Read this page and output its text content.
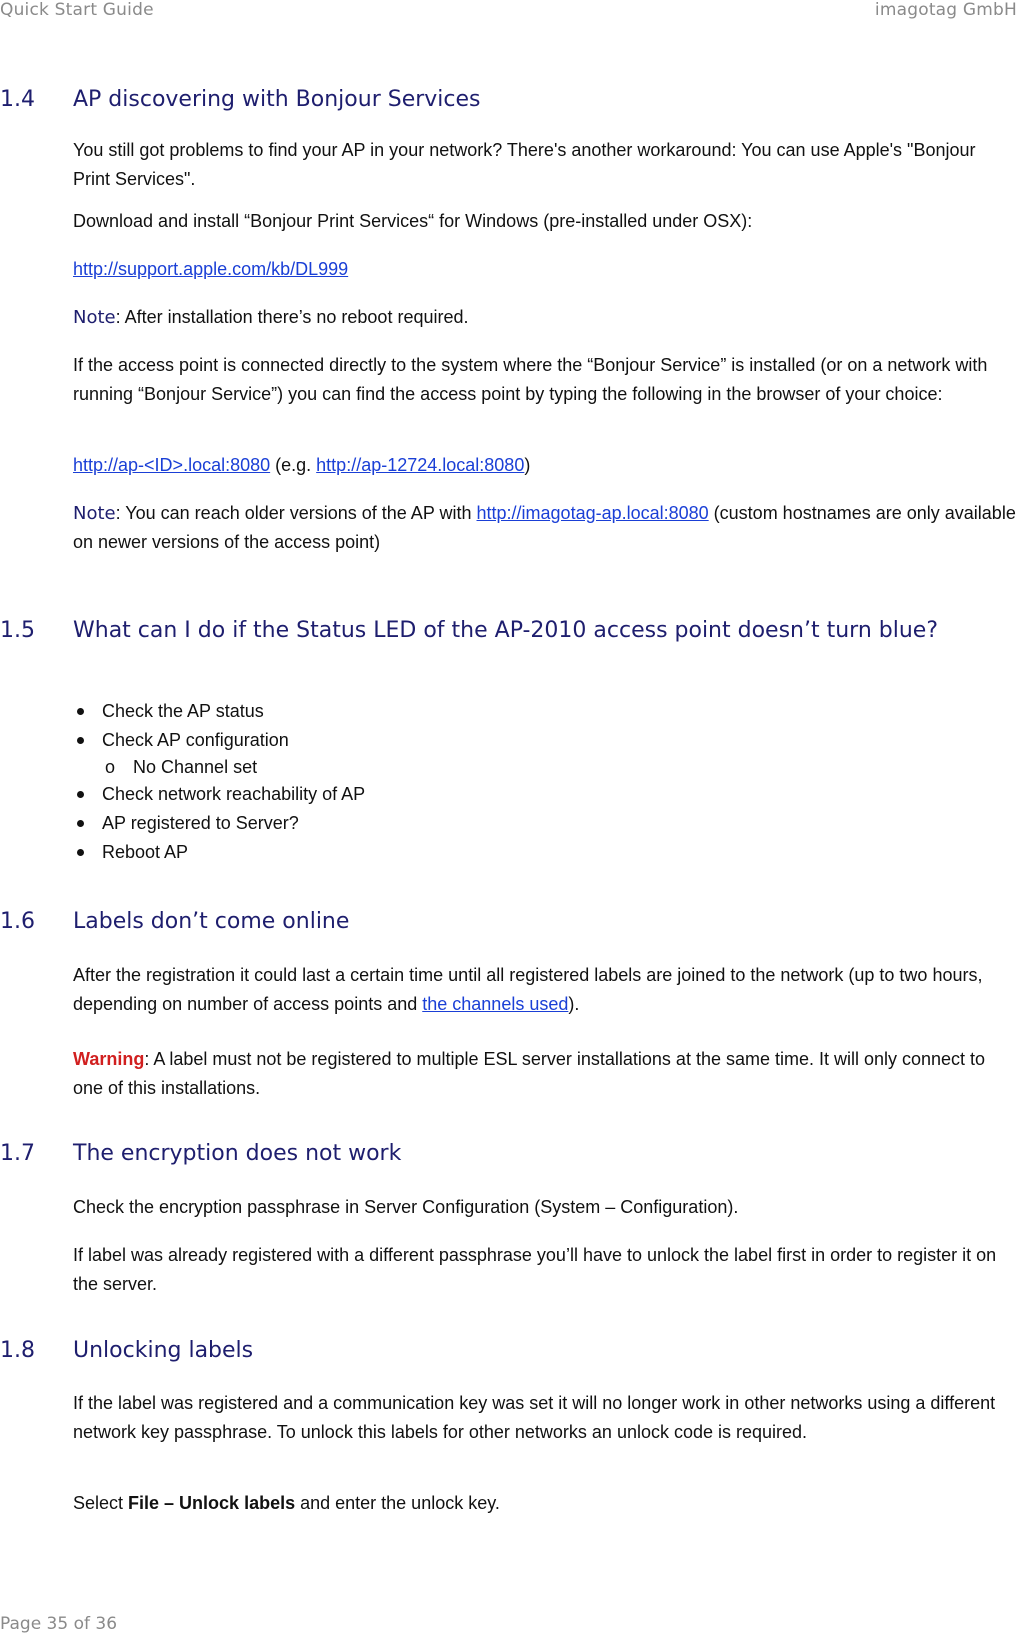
Quick Start Guide	imagotag GmbH
1.4 AP discovering with Bonjour Services

You still got problems to find your AP in your network? There's another workaround: You can use Apple's "Bonjour Print Services".

Download and install “Bonjour Print Services“ for Windows (pre-installed under OSX):

http://support.apple.com/kb/DL999

Note: After installation there’s no reboot required.

If the access point is connected directly to the system where the “Bonjour Service” is installed (or on a network with running “Bonjour Service”) you can find the access point by typing the following in the browser of your choice:

http://ap-<ID>.local:8080 (e.g. http://ap-12724.local:8080)

Note: You can reach older versions of the AP with http://imagotag-ap.local:8080 (custom hostnames are only available on newer versions of the access point)

1.5 What can I do if the Status LED of the AP-2010 access point doesn’t turn blue?
Check the AP status
Check AP configuration
o No Channel set
Check network reachability of AP
AP registered to Server?
Reboot AP
1.6 Labels don’t come online

After the registration it could last a certain time until all registered labels are joined to the network (up to two hours, depending on number of access points and the channels used).

Warning: A label must not be registered to multiple ESL server installations at the same time. It will only connect to one of this installations.

1.7 The encryption does not work

Check the encryption passphrase in Server Configuration (System – Configuration).

If label was already registered with a different passphrase you’ll have to unlock the label first in order to register it on the server.

1.8 Unlocking labels

If the label was registered and a communication key was set it will no longer work in other networks using a different network key passphrase. To unlock this labels for other networks an unlock code is required.

Select File – Unlock labels and enter the unlock key.

Page 35 of 36
